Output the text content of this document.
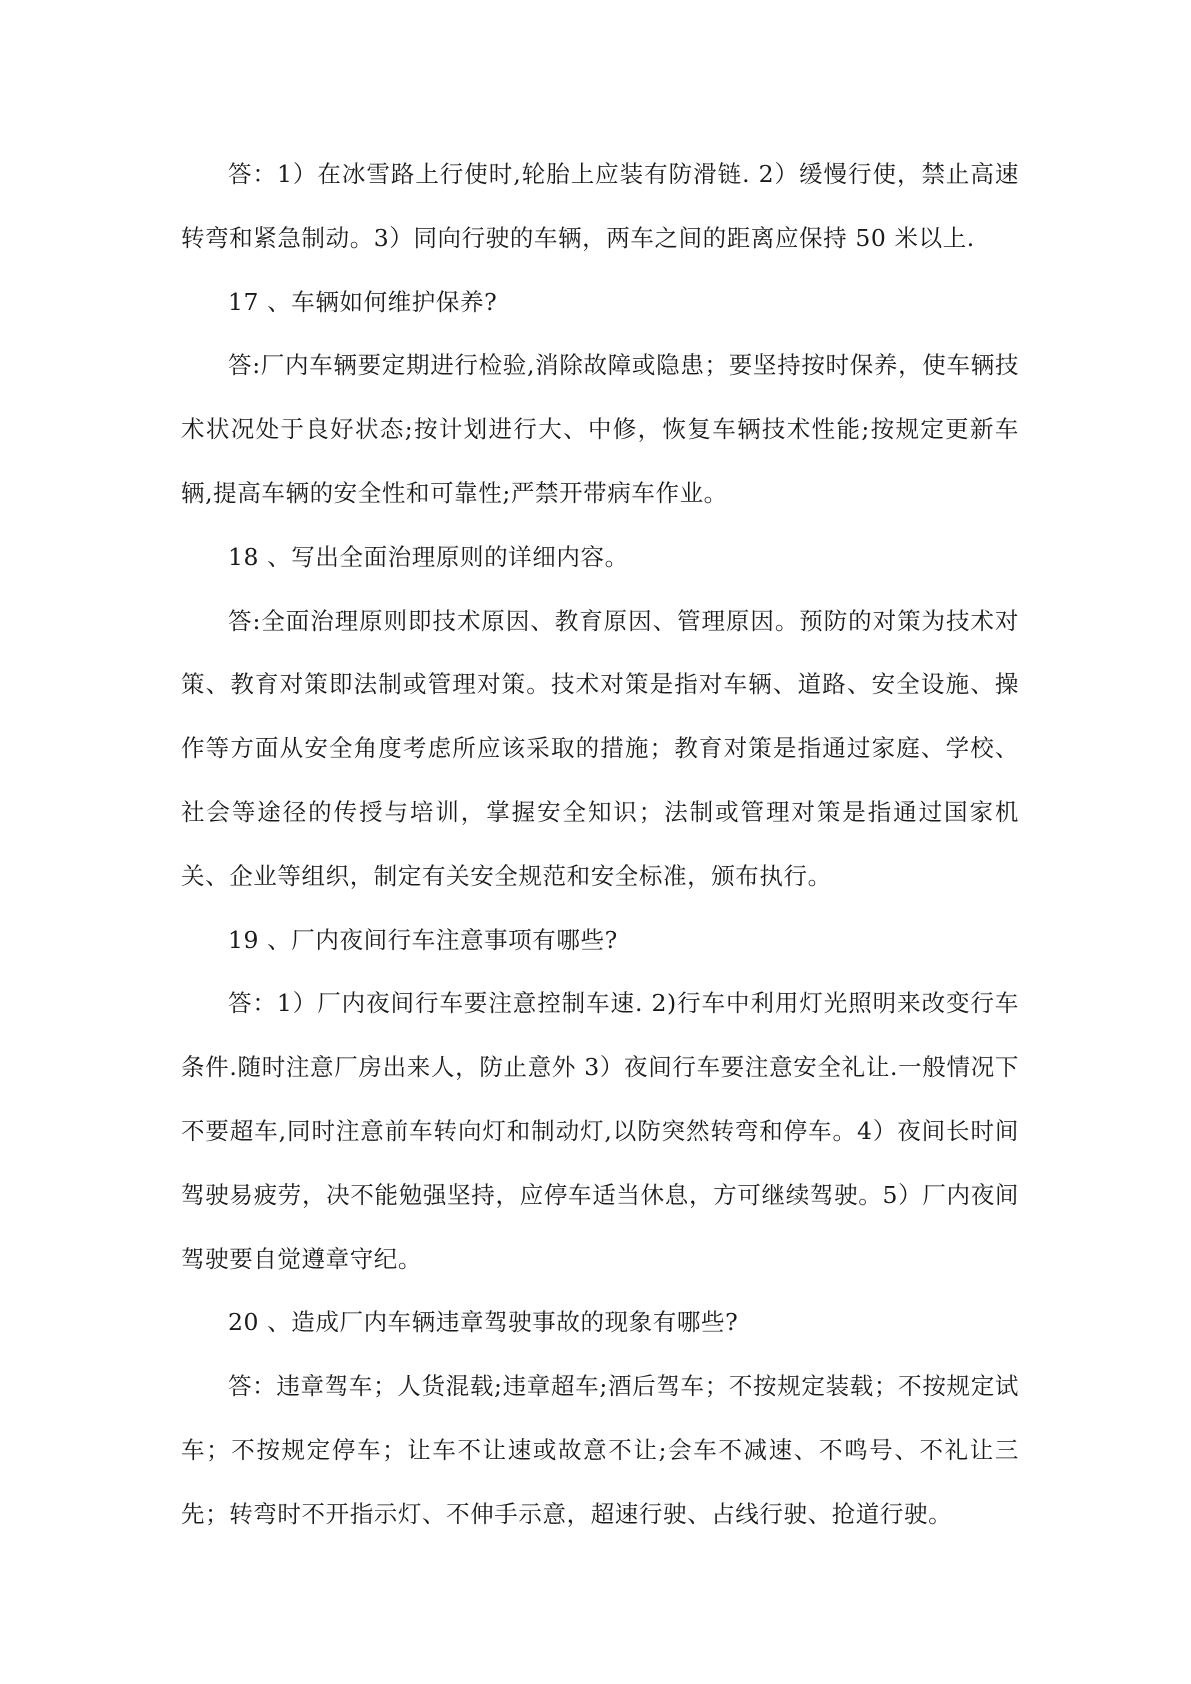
答：1）在冰雪路上行使时,轮胎上应装有防滑链. 2）缓慢行使，禁止高速转弯和紧急制动。3）同向行驶的车辆，两车之间的距离应保持 50 米以上.

17 、车辆如何维护保养?

答:厂内车辆要定期进行检验,消除故障或隐患；要坚持按时保养，使车辆技术状况处于良好状态;按计划进行大、中修，恢复车辆技术性能;按规定更新车辆,提高车辆的安全性和可靠性;严禁开带病车作业。

18 、写出全面治理原则的详细内容。

答:全面治理原则即技术原因、教育原因、管理原因。预防的对策为技术对策、教育对策即法制或管理对策。技术对策是指对车辆、道路、安全设施、操作等方面从安全角度考虑所应该采取的措施；教育对策是指通过家庭、学校、社会等途径的传授与培训，掌握安全知识；法制或管理对策是指通过国家机关、企业等组织，制定有关安全规范和安全标准，颁布执行。

19 、厂内夜间行车注意事项有哪些?

答：1）厂内夜间行车要注意控制车速. 2)行车中利用灯光照明来改变行车条件.随时注意厂房出来人，防止意外 3）夜间行车要注意安全礼让.一般情况下不要超车,同时注意前车转向灯和制动灯,以防突然转弯和停车。4）夜间长时间驾驶易疲劳，决不能勉强坚持，应停车适当休息，方可继续驾驶。5）厂内夜间驾驶要自觉遵章守纪。

20 、造成厂内车辆违章驾驶事故的现象有哪些?

答：违章驾车；人货混载;违章超车;酒后驾车；不按规定装载；不按规定试车；不按规定停车；让车不让速或故意不让;会车不减速、不鸣号、不礼让三先；转弯时不开指示灯、不伸手示意，超速行驶、占线行驶、抢道行驶。
